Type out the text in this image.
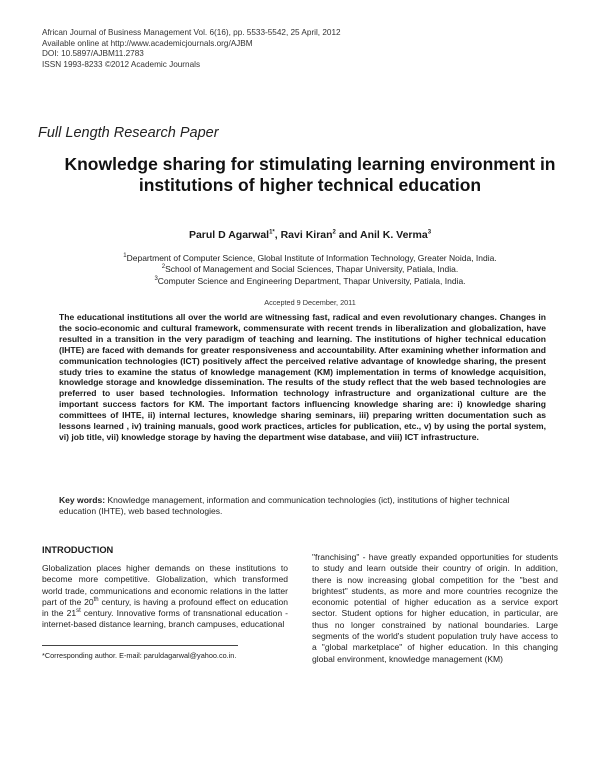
African Journal of Business Management Vol. 6(16), pp. 5533-5542, 25 April, 2012
Available online at http://www.academicjournals.org/AJBM
DOI: 10.5897/AJBM11.2783
ISSN 1993-8233 ©2012 Academic Journals
Full Length Research Paper
Knowledge sharing for stimulating learning environment in institutions of higher technical education
Parul D Agarwal$^{1*}$, Ravi Kiran$^2$ and Anil K. Verma$^3$
$^1$Department of Computer Science, Global Institute of Information Technology, Greater Noida, India.
$^2$School of Management and Social Sciences, Thapar University, Patiala, India.
$^3$Computer Science and Engineering Department, Thapar University, Patiala, India.
Accepted 9 December, 2011
The educational institutions all over the world are witnessing fast, radical and even revolutionary changes. Changes in the socio-economic and cultural framework, commensurate with recent trends in liberalization and globalization, have resulted in a transition in the very paradigm of teaching and learning. The institutions of higher technical education (IHTE) are faced with demands for greater responsiveness and accountability. After examining whether information and communication technologies (ICT) positively affect the perceived relative advantage of knowledge sharing, the present study tries to examine the status of knowledge management (KM) implementation in terms of knowledge acquisition, knowledge storage and knowledge dissemination. The results of the study reflect that the web based technologies are preferred to user based technologies. Information technology infrastructure and organizational culture are the important success factors for KM. The important factors influencing knowledge sharing are: i) knowledge sharing committees of IHTE, ii) internal lectures, knowledge sharing seminars, iii) preparing written documentation such as lessons learned , iv) training manuals, good work practices, articles for publication, etc., v) by using the portal system, vi) job title, vii) knowledge storage by having the department wise database, and viii) ICT infrastructure.
Key words: Knowledge management, information and communication technologies (ict), institutions of higher technical education (IHTE), web based technologies.
INTRODUCTION
Globalization places higher demands on these institutions to become more competitive. Globalization, which transformed world trade, communications and economic relations in the latter part of the 20th century, is having a profound effect on education in the 21st century. Innovative forms of transnational education - internet-based distance learning, branch campuses, educational
"franchising" - have greatly expanded opportunities for students to study and learn outside their country of origin. In addition, there is now increasing global competition for the "best and brightest" students, as more and more countries recognize the economic potential of higher education as a service export sector. Student options for higher education, in particular, are thus no longer constrained by national boundaries. Large segments of the world's student population truly have access to a "global marketplace" of higher education. In this changing global environment, knowledge management (KM)
*Corresponding author. E-mail: paruldagarwal@yahoo.co.in.
